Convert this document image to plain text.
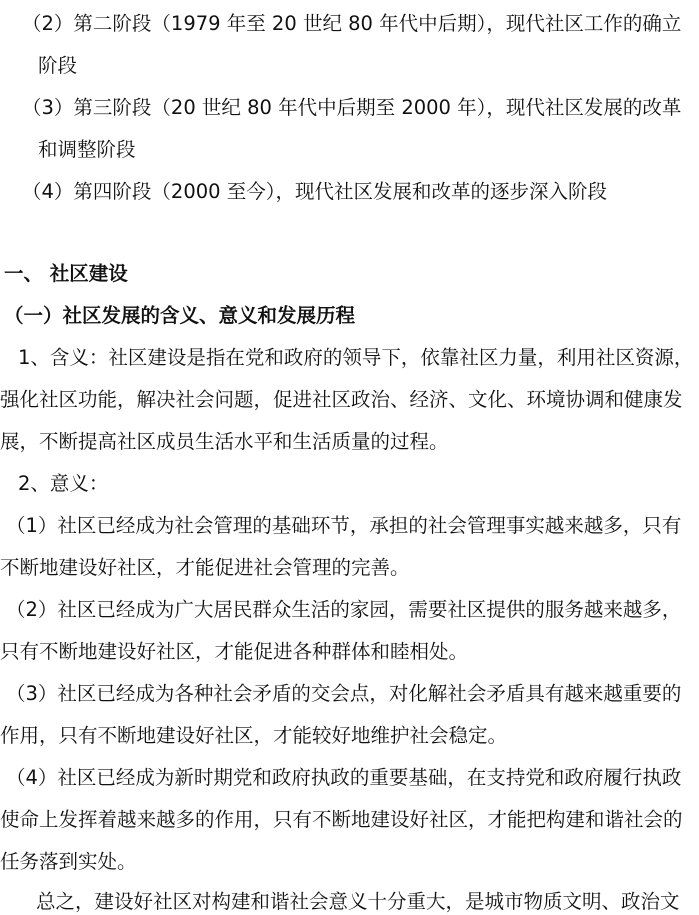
（2）第二阶段（1979 年至 20 世纪 80 年代中后期），现代社区工作的确立
阶段
（3）第三阶段（20 世纪 80 年代中后期至 2000 年），现代社区发展的改革
和调整阶段
（4）第四阶段（2000 至今），现代社区发展和改革的逐步深入阶段
一、 社区建设
（一）社区发展的含义、意义和发展历程
1、含义：社区建设是指在党和政府的领导下，依靠社区力量，利用社区资源，
强化社区功能，解决社会问题，促进社区政治、经济、文化、环境协调和健康发
展，不断提高社区成员生活水平和生活质量的过程。
2、意义：
（1）社区已经成为社会管理的基础环节，承担的社会管理事实越来越多，只有
不断地建设好社区，才能促进社会管理的完善。
（2）社区已经成为广大居民群众生活的家园，需要社区提供的服务越来越多，
只有不断地建设好社区，才能促进各种群体和睦相处。
（3）社区已经成为各种社会矛盾的交会点，对化解社会矛盾具有越来越重要的
作用，只有不断地建设好社区，才能较好地维护社会稳定。
（4）社区已经成为新时期党和政府执政的重要基础，在支持党和政府履行执政
使命上发挥着越来越多的作用，只有不断地建设好社区，才能把构建和谐社会的
任务落到实处。
总之，建设好社区对构建和谐社会意义十分重大，是城市物质文明、政治文
